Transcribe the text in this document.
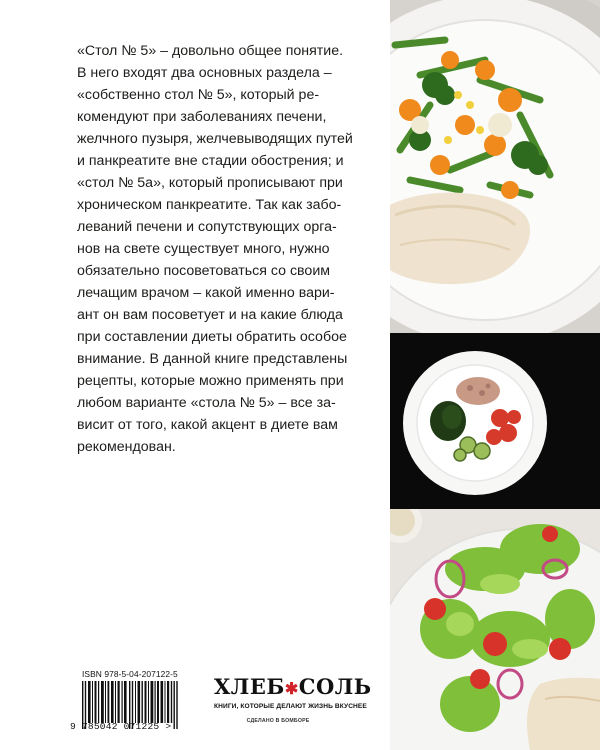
«Стол № 5» – довольно общее понятие.
В него входят два основных раздела –
«собственно стол № 5», который ре-
комендуют при заболеваниях печени,
желчного пузыря, желчевыводящих путей
и панкреатите вне стадии обострения; и
«стол № 5а», который прописывают при
хроническом панкреатите. Так как забо-
леваний печени и сопутствующих орга-
нов на свете существует много, нужно
обязательно посоветоваться со своим
лечащим врачом – какой именно вари-
ант он вам посоветует и на какие блюда
при составлении диеты обратить особое
внимание. В данной книге представлены
рецепты, которые можно применять при
любом варианте «стола № 5» – все за-
висит от того, какой акцент в диете вам
рекомендован.
ISBN 978-5-04-207122-5
9 785042 071225 >
ХЛЕБ✱СОЛЬ
КНИГИ, КОТОРЫЕ ДЕЛАЮТ ЖИЗНЬ ВКУСНЕЕ
СДЕЛАНО В БОМБОРЕ
